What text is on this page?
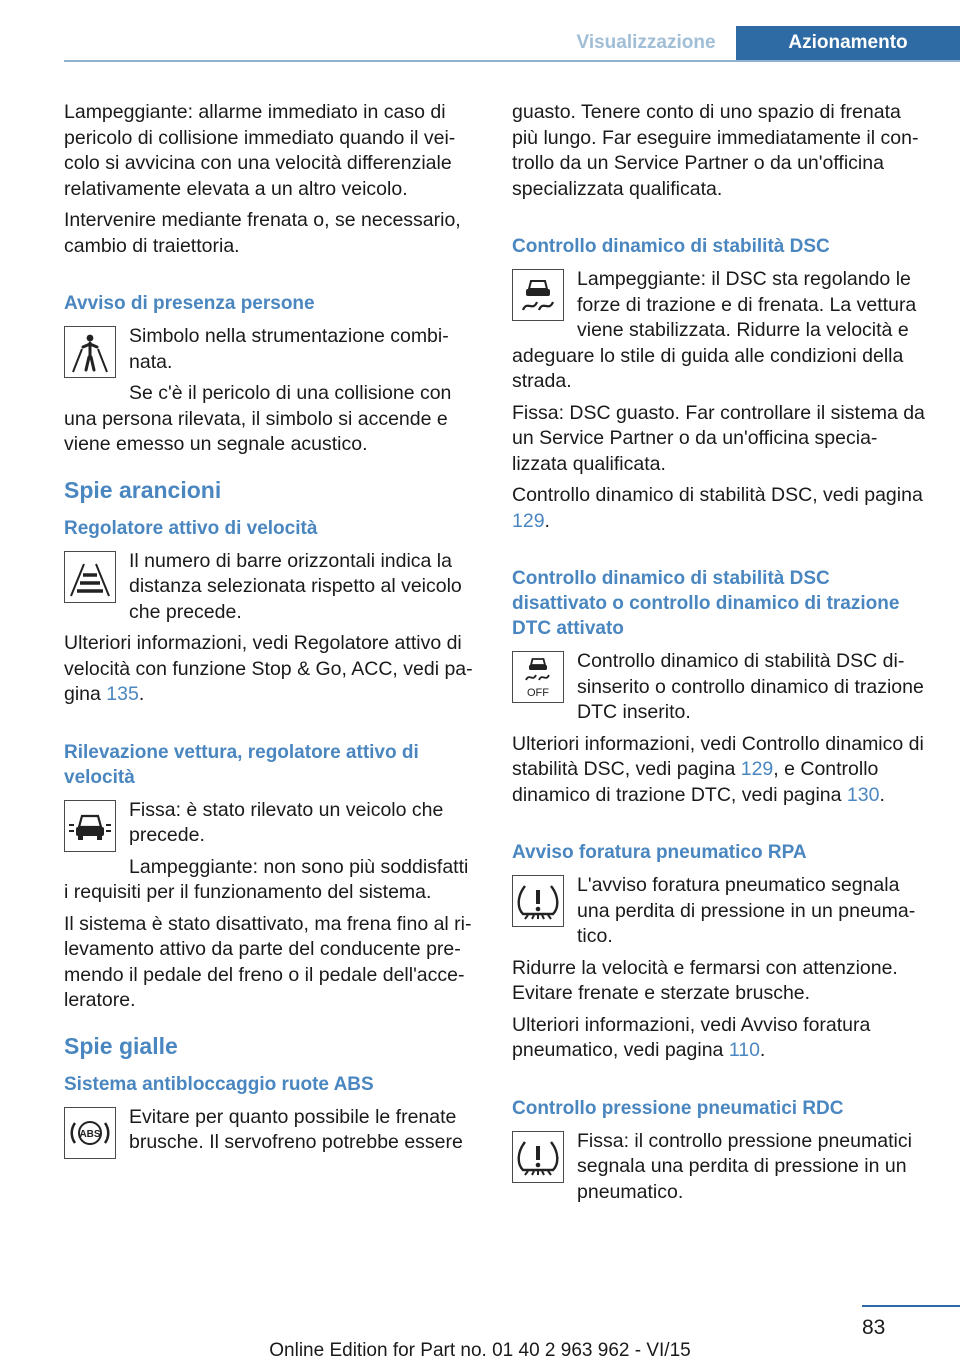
Visualizzazione	Azionamento

Lampeggiante: allarme immediato in caso di pericolo di collisione immediato quando il veicolo si avvicina con una velocità differenziale relativamente elevata a un altro veicolo.

Intervenire mediante frenata o, se necessario, cambio di traiettoria.

Avviso di presenza persone

Simbolo nella strumentazione combinata.

Se c'è il pericolo di una collisione con una persona rilevata, il simbolo si accende e viene emesso un segnale acustico.

Spie arancioni
Regolatore attivo di velocità

Il numero di barre orizzontali indica la distanza selezionata rispetto al veicolo che precede.

Ulteriori informazioni, vedi Regolatore attivo di velocità con funzione Stop & Go, ACC, vedi pagina 135.

Rilevazione vettura, regolatore attivo di velocità

Fissa: è stato rilevato un veicolo che precede.

Lampeggiante: non sono più soddisfatti i requisiti per il funzionamento del sistema.

Il sistema è stato disattivato, ma frena fino al rilevamento attivo da parte del conducente premendo il pedale del freno o il pedale dell'acceleratore.

Spie gialle
Sistema antibloccaggio ruote ABS
ABS

Evitare per quanto possibile le frenate brusche. Il servofreno potrebbe essere

guasto. Tenere conto di uno spazio di frenata più lungo. Far eseguire immediatamente il controllo da un Service Partner o da un'officina specializzata qualificata.

Controllo dinamico di stabilità DSC

Lampeggiante: il DSC sta regolando le forze di trazione e di frenata. La vettura viene stabilizzata. Ridurre la velocità e adeguare lo stile di guida alle condizioni della strada.

Fissa: DSC guasto. Far controllare il sistema da un Service Partner o da un'officina specializzata qualificata.

Controllo dinamico di stabilità DSC, vedi pagina 129.

Controllo dinamico di stabilità DSC disattivato o controllo dinamico di trazione DTC attivato
OFF

Controllo dinamico di stabilità DSC disinserito o controllo dinamico di trazione DTC inserito.

Ulteriori informazioni, vedi Controllo dinamico di stabilità DSC, vedi pagina 129, e Controllo dinamico di trazione DTC, vedi pagina 130.

Avviso foratura pneumatico RPA

L'avviso foratura pneumatico segnala una perdita di pressione in un pneumatico.

Ridurre la velocità e fermarsi con attenzione. Evitare frenate e sterzate brusche.

Ulteriori informazioni, vedi Avviso foratura pneumatico, vedi pagina 110.

Controllo pressione pneumatici RDC

Fissa: il controllo pressione pneumatici segnala una perdita di pressione in un pneumatico.

83
Online Edition for Part no. 01 40 2 963 962 - VI/15
